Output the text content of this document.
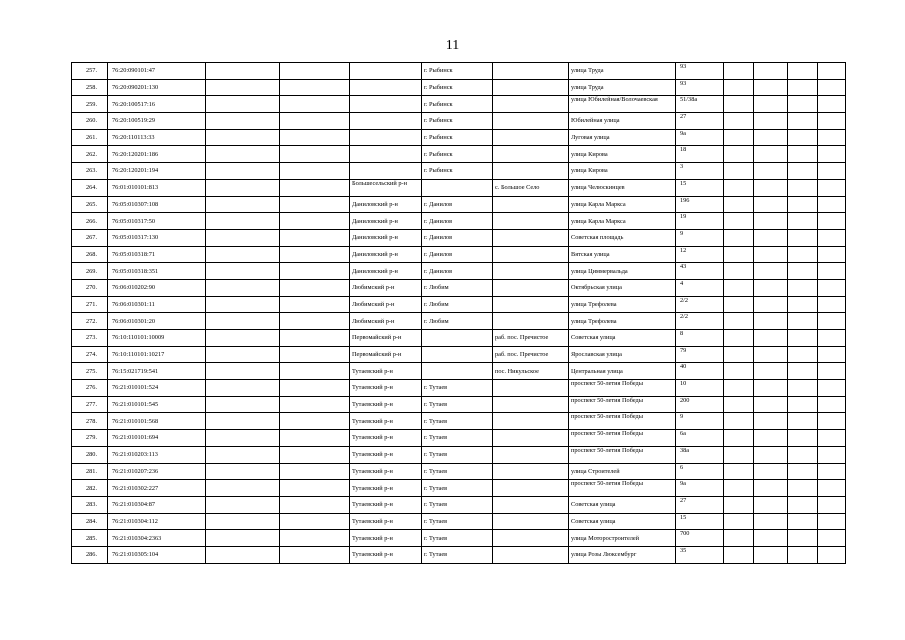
11
257.	76:20:090101:47				г. Рыбинск		улица Труда	93				
258.	76:20:090201:130				г. Рыбинск		улица Труда	93				
259.	76:20:100517:16				г. Рыбинск		улица Юбилейная/Волочаевская	51/38а				
260.	76:20:100519:29				г. Рыбинск		Юбилейная улица	27				
261.	76:20:110113:33				г. Рыбинск		Луговая улица	9а				
262.	76:20:120201:186				г. Рыбинск		улица Кирова	18				
263.	76:20:120201:194				г. Рыбинск		улица Кирова	3				
264.	76:01:010101:813			Большесельский р-н		с. Большое Село	улица Челюскинцев	15				
265.	76:05:010307:108			Даниловский р-н	г. Данилов		улица Карла Маркса	196				
266.	76:05:010317:50			Даниловский р-н	г. Данилов		улица Карла Маркса	19				
267.	76:05:010317:130			Даниловский р-н	г. Данилов		Советская площадь	9				
268.	76:05:010318:71			Даниловский р-н	г. Данилов		Вятская улица	12				
269.	76:05:010318:351			Даниловский р-н	г. Данилов		улица Циммервальда	43				
270.	76:06:010202:90			Любимский р-н	г. Любим		Октябрьская улица	4				
271.	76:06:010301:11			Любимский р-н	г. Любим		улица Трефолева	2/2				
272.	76:06:010301:20			Любимский р-н	г. Любим		улица Трефолева	2/2				
273.	76:10:110101:10009			Первомайский р-н		раб. пос. Пречистое	Советская улица	8				
274.	76:10:110101:10217			Первомайский р-н		раб. пос. Пречистое	Ярославская улица	79				
275.	76:15:021719:541			Тутаевский р-н		пос. Никульское	Центральная улица	40				
276.	76:21:010101:524			Тутаевский р-н	г. Тутаев		проспект 50-летия Победы	10				
277.	76:21:010101:545			Тутаевский р-н	г. Тутаев		проспект 50-летия Победы	200				
278.	76:21:010101:568			Тутаевский р-н	г. Тутаев		проспект 50-летия Победы	9				
279.	76:21:010101:694			Тутаевский р-н	г. Тутаев		проспект 50-летия Победы	6а				
280.	76:21:010203:113			Тутаевский р-н	г. Тутаев		проспект 50-летия Победы	38а				
281.	76:21:010207:236			Тутаевский р-н	г. Тутаев		улица Строителей	6				
282.	76:21:010302:227			Тутаевский р-н	г. Тутаев		проспект 50-летия Победы	9а				
283.	76:21:010304:87			Тутаевский р-н	г. Тутаев		Советская улица	27				
284.	76:21:010304:112			Тутаевский р-н	г. Тутаев		Советская улица	15				
285.	76:21:010304:2363			Тутаевский р-н	г. Тутаев		улица Моторостроителей	700				
286.	76:21:010305:104			Тутаевский р-н	г. Тутаев		улица Розы Люксембург	35				
